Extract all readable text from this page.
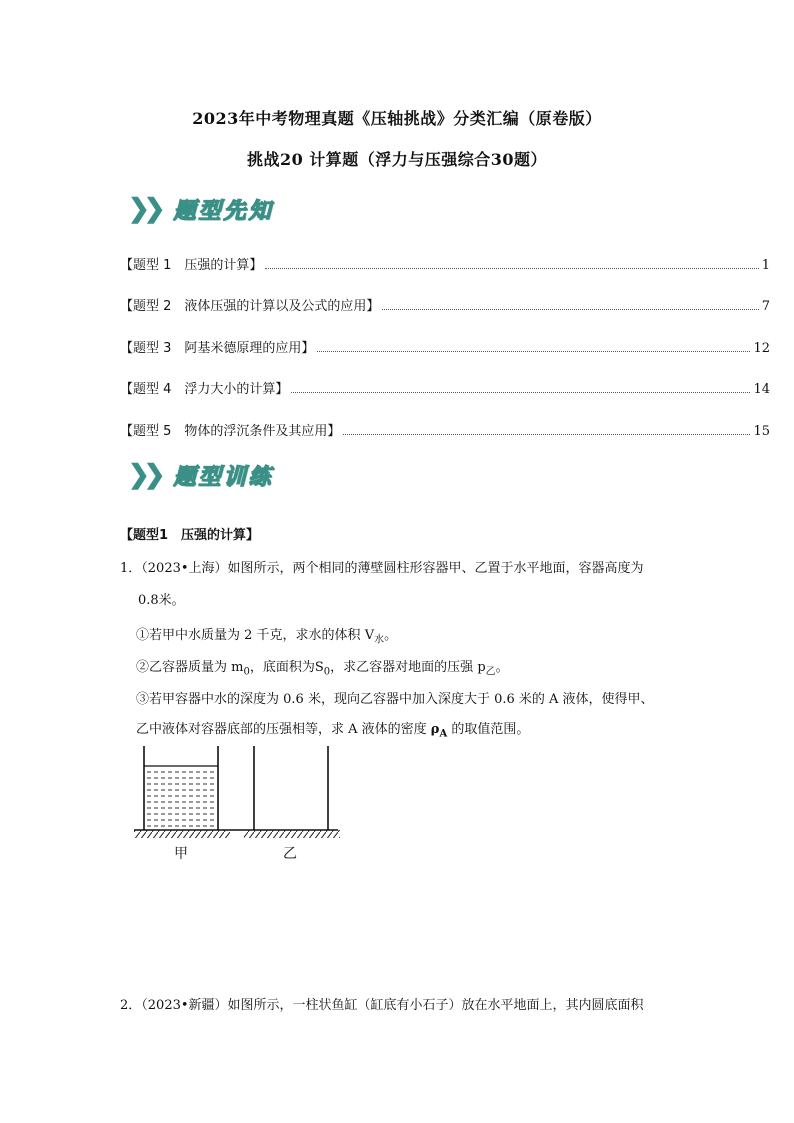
2023年中考物理真题《压轴挑战》分类汇编（原卷版）
挑战20 计算题（浮力与压强综合30题）
❯❯ 题型先知
【题型 1　压强的计算】	1
【题型 2　液体压强的计算以及公式的应用】	7
【题型 3　阿基米德原理的应用】	12
【题型 4　浮力大小的计算】	14
【题型 5　物体的浮沉条件及其应用】	15
❯❯ 题型训练
【题型1　压强的计算】
1．（2023•上海）如图所示，两个相同的薄壁圆柱形容器甲、乙置于水平地面，容器高度为
0.8米。
①若甲中水质量为 2 千克，求水的体积 $V_水$。
②乙容器质量为 $m_0$，底面积为$S_0$，求乙容器对地面的压强 $p_乙$。
③若甲容器中水的深度为 0.6 米，现向乙容器中加入深度大于 0.6 米的 A 液体，使得甲、
乙中液体对容器底部的压强相等，求 A 液体的密度 $\rho_A$ 的取值范围。
甲	乙
2．（2023•新疆）如图所示，一柱状鱼缸（缸底有小石子）放在水平地面上，其内圆底面积
